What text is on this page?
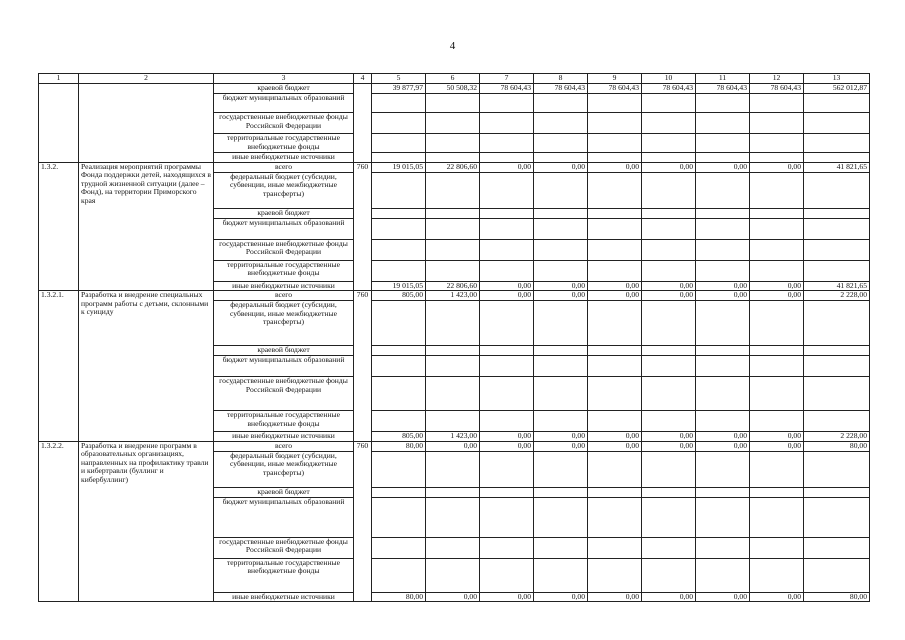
4
1	2	3	4	5	6	7	8	9	10	11	12	13
		краевой бюджет		39 877,97	50 508,32	78 604,43	78 604,43	78 604,43	78 604,43	78 604,43	78 604,43	562 012,87
		бюджет муниципальных образований										
		государственные внебюджетные фонды Российской Федерации										
		территориальные государственные внебюджетные фонды										
		иные внебюджетные источники										
1.3.2.	Реализация мероприятий программы Фонда поддержки детей, находящихся в трудной жизненной ситуации (далее – Фонд), на территории Приморского края	всего	760	19 015,05	22 806,60	0,00	0,00	0,00	0,00	0,00	0,00	41 821,65
		федеральный бюджет (субсидии, субвенции, иные межбюджетные трансферты)										
		краевой бюджет										
		бюджет муниципальных образований										
		государственные внебюджетные фонды Российской Федерации										
		территориальные государственные внебюджетные фонды										
		иные внебюджетные источники		19 015,05	22 806,60	0,00	0,00	0,00	0,00	0,00	0,00	41 821,65
1.3.2.1.	Разработка и внедрение специальных программ работы с детьми, склонными к суициду	всего	760	805,00	1 423,00	0,00	0,00	0,00	0,00	0,00	0,00	2 228,00
		федеральный бюджет (субсидии, субвенции, иные межбюджетные трансферты)										
		краевой бюджет										
		бюджет муниципальных образований										
		государственные внебюджетные фонды Российской Федерации										
		территориальные государственные внебюджетные фонды										
		иные внебюджетные источники		805,00	1 423,00	0,00	0,00	0,00	0,00	0,00	0,00	2 228,00
1.3.2.2.	Разработка и внедрение программ в образовательных организациях, направленных на профилактику травли и кибертравли (буллинг и кибербуллинг)	всего	760	80,00	0,00	0,00	0,00	0,00	0,00	0,00	0,00	80,00
		федеральный бюджет (субсидии, субвенции, иные межбюджетные трансферты)										
		краевой бюджет										
		бюджет муниципальных образований										
		государственные внебюджетные фонды Российской Федерации										
		территориальные государственные внебюджетные фонды										
		иные внебюджетные источники		80,00	0,00	0,00	0,00	0,00	0,00	0,00	0,00	80,00
